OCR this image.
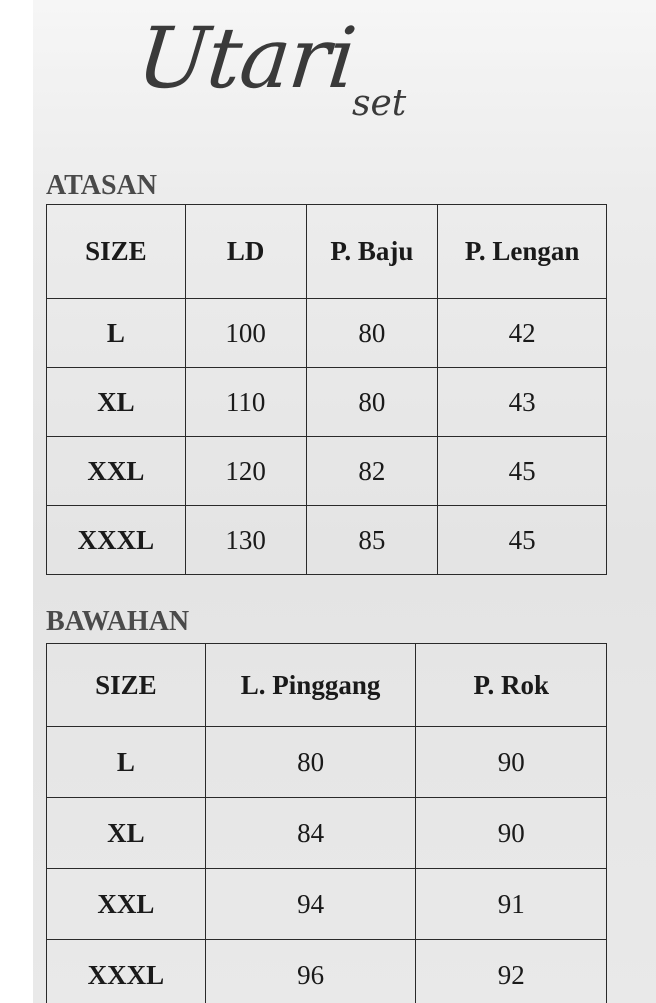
Utari
set
ATASAN
SIZE	LD	P. Baju	P. Lengan
L	100	80	42
XL	110	80	43
XXL	120	82	45
XXXL	130	85	45
BAWAHAN
SIZE	L. Pinggang	P. Rok
L	80	90
XL	84	90
XXL	94	91
XXXL	96	92
